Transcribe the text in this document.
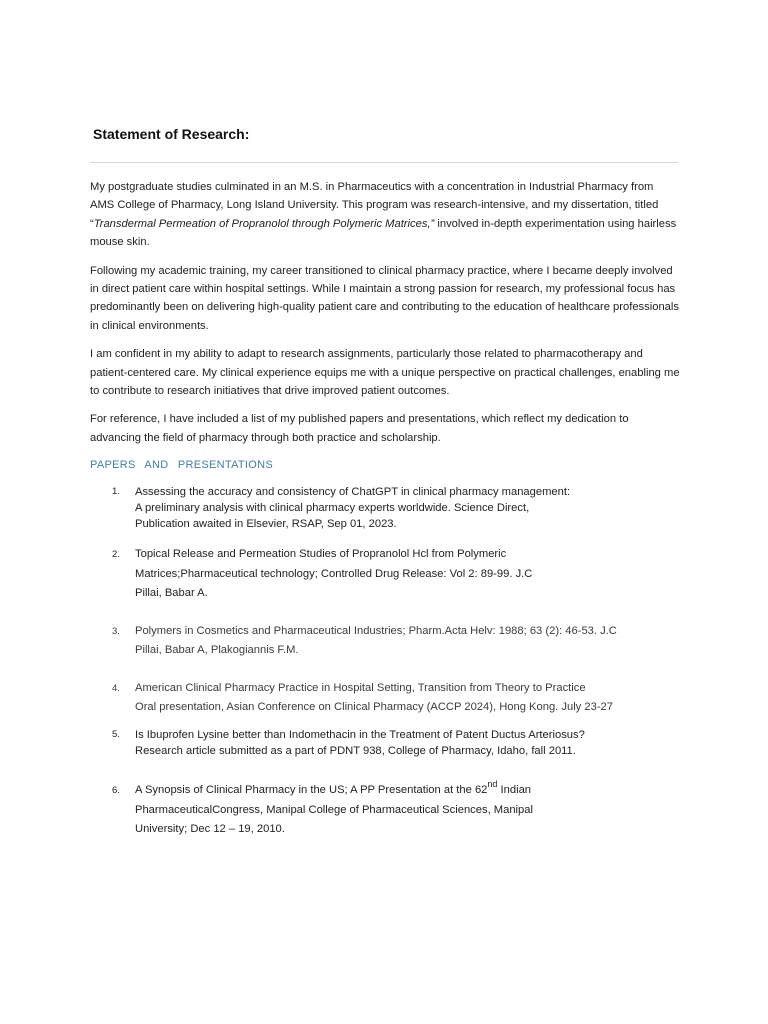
Statement of Research:

My postgraduate studies culminated in an M.S. in Pharmaceutics with a concentration in Industrial Pharmacy from AMS College of Pharmacy, Long Island University. This program was research-intensive, and my dissertation, titled “Transdermal Permeation of Propranolol through Polymeric Matrices,” involved in-depth experimentation using hairless mouse skin.

Following my academic training, my career transitioned to clinical pharmacy practice, where I became deeply involved in direct patient care within hospital settings. While I maintain a strong passion for research, my professional focus has predominantly been on delivering high-quality patient care and contributing to the education of healthcare professionals in clinical environments.

I am confident in my ability to adapt to research assignments, particularly those related to pharmacotherapy and patient-centered care. My clinical experience equips me with a unique perspective on practical challenges, enabling me to contribute to research initiatives that drive improved patient outcomes.

For reference, I have included a list of my published papers and presentations, which reflect my dedication to advancing the field of pharmacy through both practice and scholarship.

PAPERS AND PRESENTATIONS

1.	Assessing the accuracy and consistency of ChatGPT in clinical pharmacy management:
A preliminary analysis with clinical pharmacy experts worldwide. Science Direct,
Publication awaited in Elsevier, RSAP, Sep 01, 2023.
2.	Topical Release and Permeation Studies of Propranolol Hcl from Polymeric
Matrices;Pharmaceutical technology; Controlled Drug Release: Vol 2: 89-99. J.C
Pillai, Babar A.
3.	Polymers in Cosmetics and Pharmaceutical Industries; Pharm.Acta Helv: 1988; 63 (2): 46-53. J.C
Pillai, Babar A, Plakogiannis F.M.
4.	American Clinical Pharmacy Practice in Hospital Setting, Transition from Theory to Practice
Oral presentation, Asian Conference on Clinical Pharmacy (ACCP 2024), Hong Kong. July 23-27
5.	Is Ibuprofen Lysine better than Indomethacin in the Treatment of Patent Ductus Arteriosus?
Research article submitted as a part of PDNT 938, College of Pharmacy, Idaho, fall 2011.
6.	A Synopsis of Clinical Pharmacy in the US; A PP Presentation at the 62nd Indian
PharmaceuticalCongress, Manipal College of Pharmaceutical Sciences, Manipal
University; Dec 12 – 19, 2010.
